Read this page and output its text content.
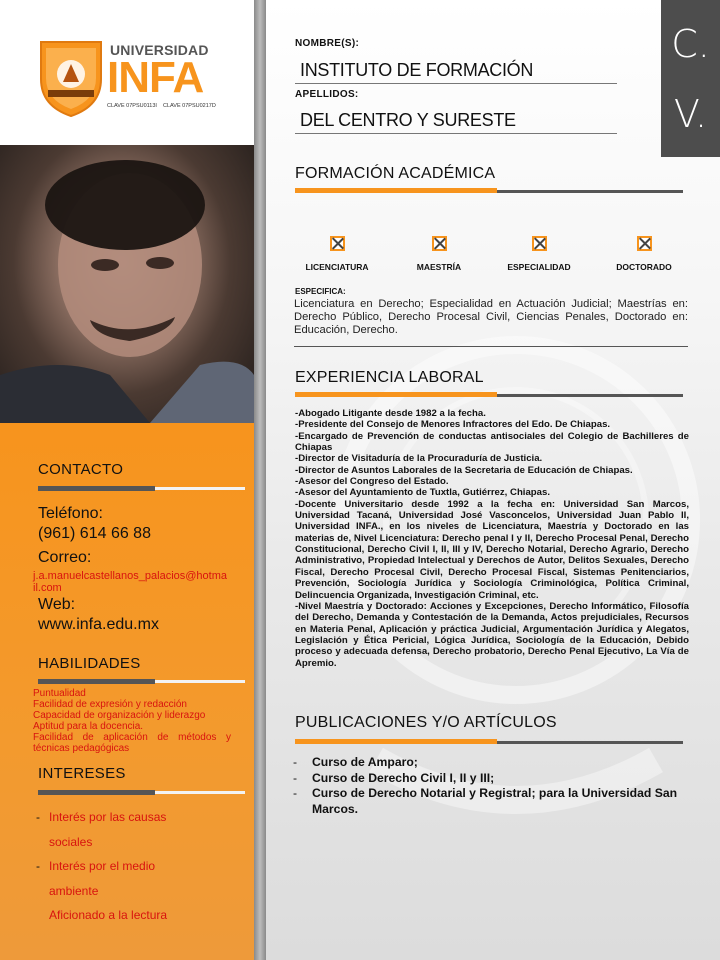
UNIVERSIDAD
INFA
CLAVE 07PSU0113I CLAVE 07PSU0217D
CONTACTO
Teléfono:
(961) 614 66 88
Correo:
j.a.manuelcastellanos_palacios@hotmail.com
Web:
www.infa.edu.mx
HABILIDADES
Puntualidad
Facilidad de expresión y redacción
Capacidad de organización y liderazgo
Aptitud para la docencia.
Facilidad de aplicación de métodos y técnicas pedagógicas
INTERESES
- Interés por las causas sociales
- Interés por el medio ambiente
Aficionado a la lectura
C.
V.
NOMBRE(S):
INSTITUTO DE FORMACIÓN
APELLIDOS:
DEL CENTRO Y SURESTE
FORMACIÓN ACADÉMICA
LICENCIATURA	MAESTRÍA	ESPECIALIDAD	DOCTORADO
ESPECIFICA:
Licenciatura en Derecho; Especialidad en Actuación Judicial; Maestrías en: Derecho Público, Derecho Procesal Civil, Ciencias Penales, Doctorado en: Educación, Derecho.
EXPERIENCIA LABORAL
-Abogado Litigante desde 1982 a la fecha.
-Presidente del Consejo de Menores Infractores del Edo. De Chiapas.
-Encargado de Prevención de conductas antisociales del Colegio de Bachilleres de Chiapas
-Director de Visitaduría de la Procuraduría de Justicia.
-Director de Asuntos Laborales de la Secretaria de Educación de Chiapas.
-Asesor del Congreso del Estado.
-Asesor del Ayuntamiento de Tuxtla, Gutiérrez, Chiapas.
-Docente Universitario desde 1992 a la fecha en: Universidad San Marcos, Universidad Tacaná, Universidad José Vasconcelos, Universidad Juan Pablo II, Universidad INFA., en los niveles de Licenciatura, Maestría y Doctorado en las materias de, Nivel Licenciatura: Derecho penal I y II, Derecho Procesal Penal, Derecho Constitucional, Derecho Civil I, II, III y IV, Derecho Notarial, Derecho Agrario, Derecho Administrativo, Propiedad Intelectual y Derechos de Autor, Delitos Sexuales, Derecho Fiscal, Derecho Procesal Civil, Derecho Procesal Fiscal, Sistemas Penitenciarios, Prevención, Sociología Jurídica y Sociología Criminológica, Política Criminal, Delincuencia Organizada, Investigación Criminal, etc.
-Nivel Maestría y Doctorado: Acciones y Excepciones, Derecho Informático, Filosofía del Derecho, Demanda y Contestación de la Demanda, Actos prejudiciales, Recursos en Materia Penal, Aplicación y práctica Judicial, Argumentación Jurídica y Alegatos, Legislación y Ética Pericial, Lógica Jurídica, Sociología de la Educación, Debido proceso y adecuada defensa, Derecho probatorio, Derecho Penal Ejecutivo, La Vía de Apremio.
PUBLICACIONES Y/O ARTÍCULOS
- Curso de Amparo;
- Curso de Derecho Civil I, II y III;
- Curso de Derecho Notarial y Registral; para la Universidad San Marcos.
